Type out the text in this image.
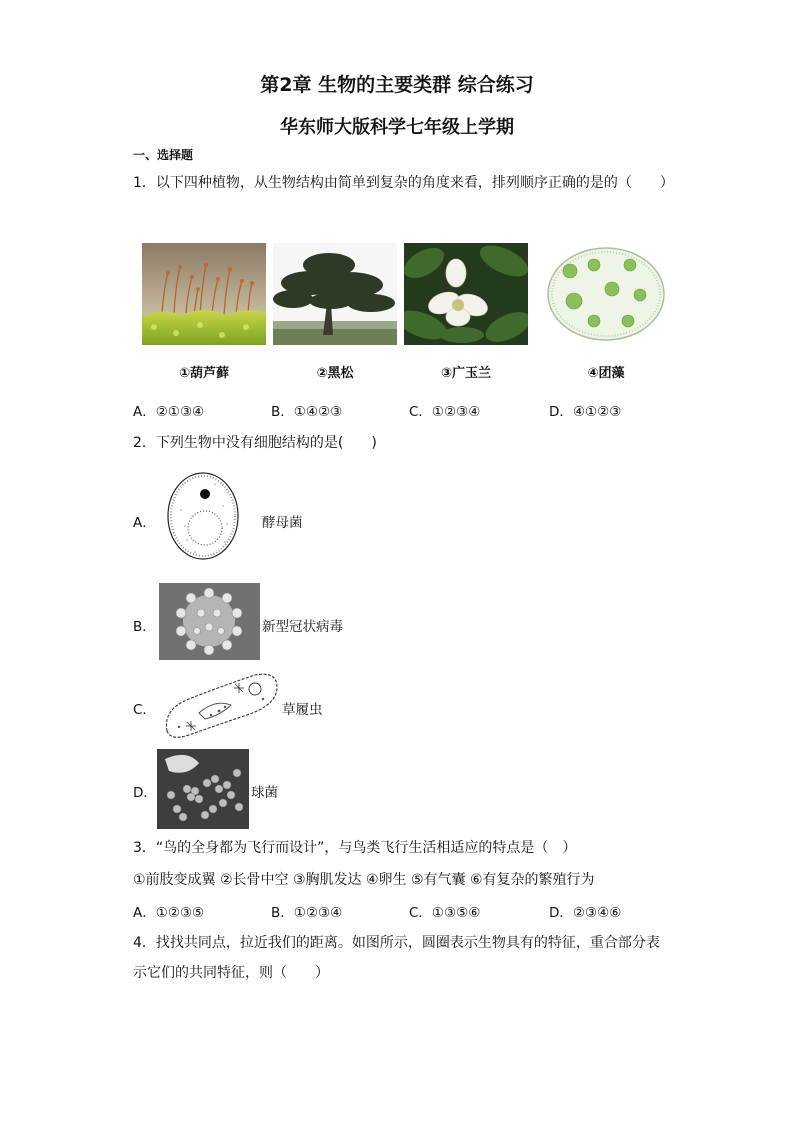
第2章 生物的主要类群 综合练习
华东师大版科学七年级上学期
一、选择题
1．以下四种植物，从生物结构由简单到复杂的角度来看，排列顺序正确的是的（　　）
①葫芦藓	②黑松	③广玉兰	④团藻
A．②①③④	B．①④②③	C．①②③④	D．④①②③
2．下列生物中没有细胞结构的是(　　)
A．	酵母菌
B．	新型冠状病毒
C．	草履虫
D．	球菌
3．“鸟的全身都为飞行而设计”，与鸟类飞行生活相适应的特点是（　）
①前肢变成翼 ②长骨中空 ③胸肌发达 ④卵生 ⑤有气囊 ⑥有复杂的繁殖行为
A．①②③⑤	B．①②③④	C．①③⑤⑥	D．②③④⑥
4．找找共同点，拉近我们的距离。如图所示，圆圈表示生物具有的特征，重合部分表
示它们的共同特征，则（　　）
